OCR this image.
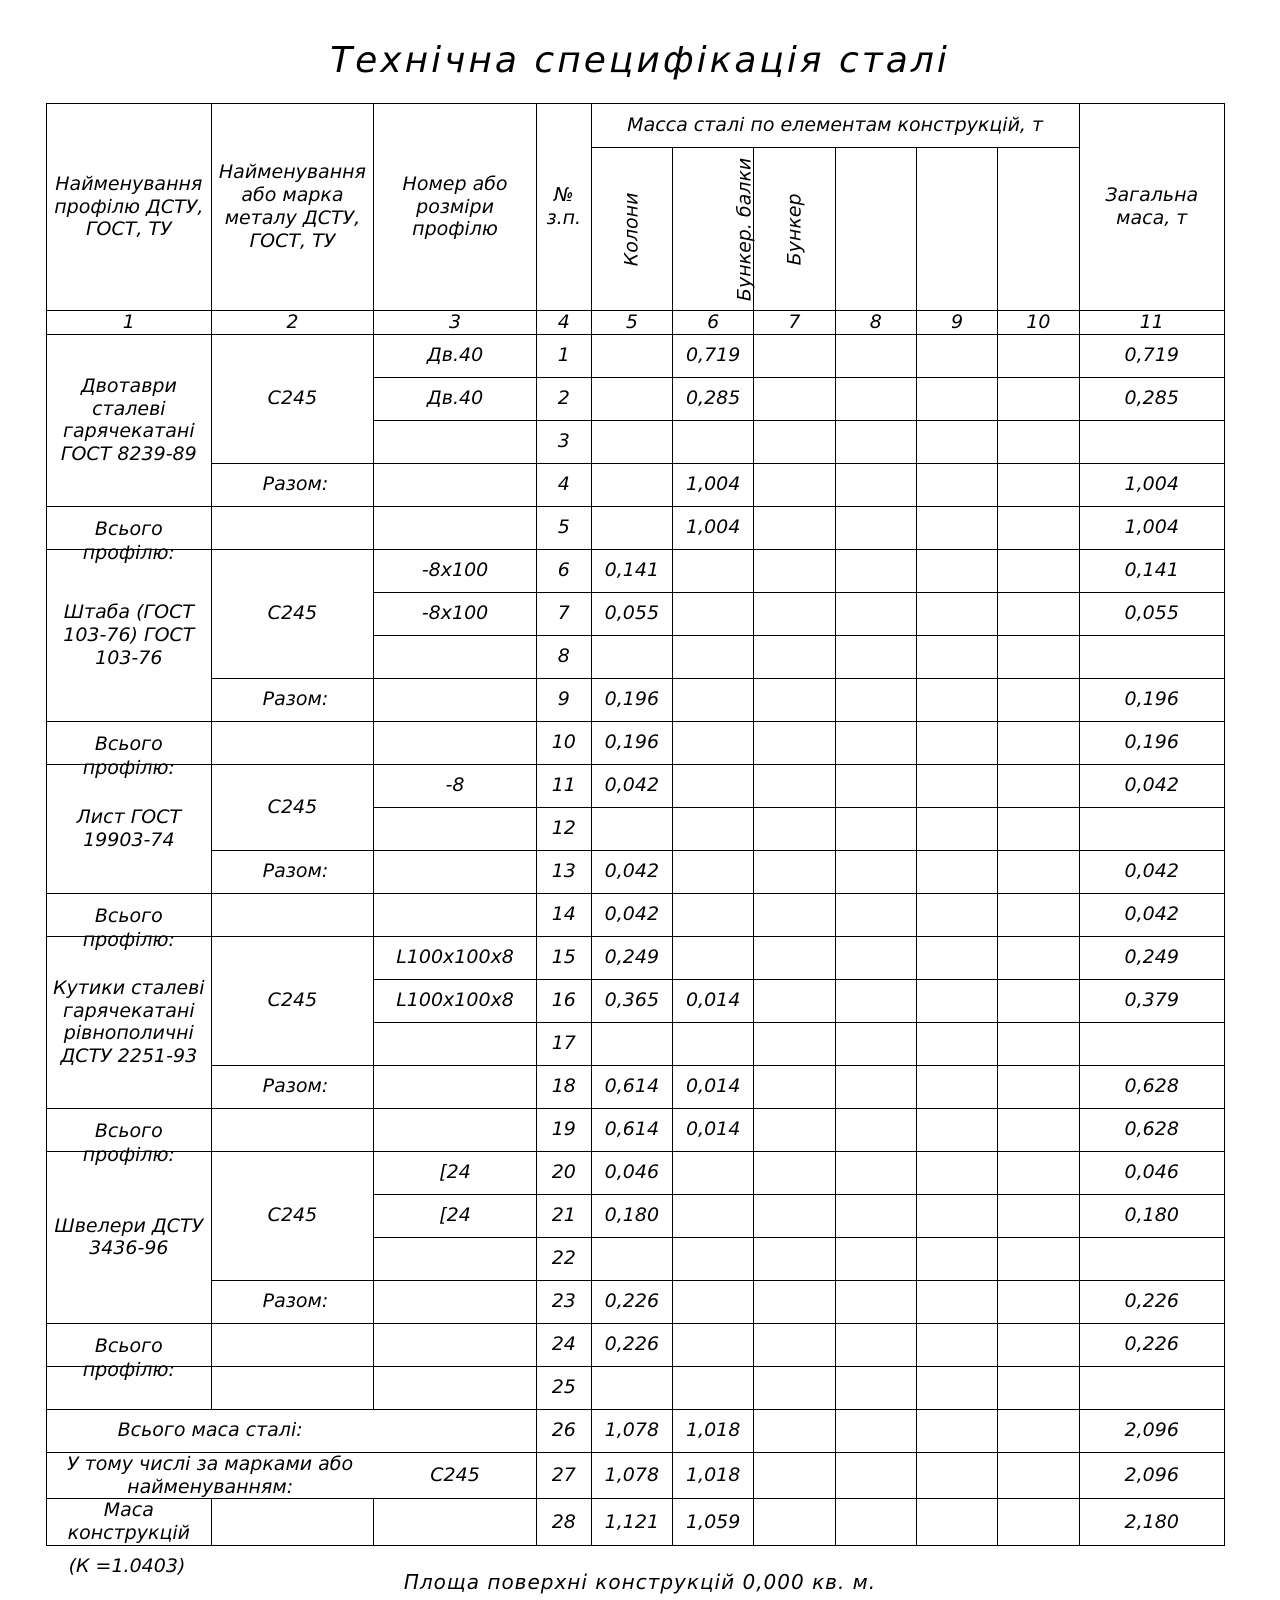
Технічна специфікація сталі
Найменування профілю ДСТУ, ГОСТ, ТУ	Найменування або марка металу ДСТУ, ГОСТ, ТУ	Номер або розміри профілю	№ з.п.	Масса сталі по елементам конструкцій, т						Загальна маса, т
				Колони	Бункер. балки	Бункер				
1	2	3	4	5	6	7	8	9	10	11
Двотаври сталеві гарячекатані ГОСТ 8239-89	С245	Дв.40	1		0,719					0,719
		Дв.40	2		0,285					0,285
			3							
	Разом:		4		1,004					1,004

Всього профілю:			5		1,004					1,004
Штаба (ГОСТ 103-76) ГОСТ 103-76	С245	-8x100	6	0,141						0,141
		-8x100	7	0,055						0,055
			8							
	Разом:		9	0,196						0,196

Всього профілю:			10	0,196						0,196
Лист ГОСТ 19903-74	С245	-8	11	0,042						0,042
			12							
	Разом:		13	0,042						0,042

Всього профілю:			14	0,042						0,042
Кутики сталеві гарячекатані рівнополичні ДСТУ 2251-93	С245	L100x100x8	15	0,249						0,249
		L100x100x8	16	0,365	0,014					0,379
			17							
	Разом:		18	0,614	0,014					0,628

Всього профілю:			19	0,614	0,014					0,628
Швелери ДСТУ 3436-96	С245	[24	20	0,046						0,046
		[24	21	0,180						0,180
			22							
	Разом:		23	0,226						0,226

Всього профілю:			24	0,226						0,226
			25							
Всього маса сталі:			26	1,078	1,018					2,096
У тому числі за марками або найменуванням:		С245	27	1,078	1,018					2,096
Маса конструкцій			28	1,121	1,059					2,180
(К =1.0403)
Площа поверхні конструкцій 0,000 кв. м.
